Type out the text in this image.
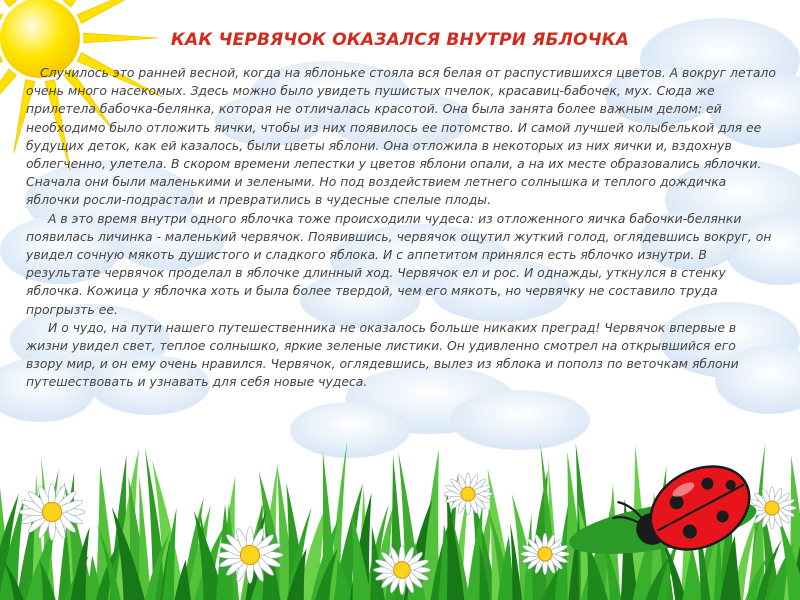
КАК ЧЕРВЯЧОК ОКАЗАЛСЯ ВНУТРИ ЯБЛОЧКА

Случилось это ранней весной, когда на яблоньке стояла вся белая от распустившихся цветов. А вокруг летало очень много насекомых. Здесь можно было увидеть пушистых пчелок, красавиц-бабочек, мух. Сюда же прилетела бабочка-белянка, которая не отличалась красотой. Она была занята более важным делом: ей необходимо было отложить яички, чтобы из них появилось ее потомство. И самой лучшей колыбелькой для ее будущих деток, как ей казалось, были цветы яблони. Она отложила в некоторых из них яички и, вздохнув облегченно, улетела. В скором времени лепестки у цветов яблони опали, а на их месте образовались яблочки. Сначала они были маленькими и зелеными. Но под воздействием летнего солнышка и теплого дождичка яблочки росли-подрастали и превратились в чудесные спелые плоды.

А в это время внутри одного яблочка тоже происходили чудеса: из отложенного яичка бабочки-белянки появилась личинка - маленький червячок. Появившись, червячок ощутил жуткий голод, оглядевшись вокруг, он увидел сочную мякоть душистого и сладкого яблока. И с аппетитом принялся есть яблочко изнутри. В результате червячок проделал в яблочке длинный ход. Червячок ел и рос. И однажды, уткнулся в стенку яблочка. Кожица у яблочка хоть и была более твердой, чем его мякоть, но червячку не составило труда прогрызть ее.

И о чудо, на пути нашего путешественника не оказалось больше никаких преград! Червячок впервые в жизни увидел свет, теплое солнышко, яркие зеленые листики. Он удивленно смотрел на открывшийся его взору мир, и он ему очень нравился. Червячок, оглядевшись, вылез из яблока и пополз по веточкам яблони путешествовать и узнавать для себя новые чудеса.
